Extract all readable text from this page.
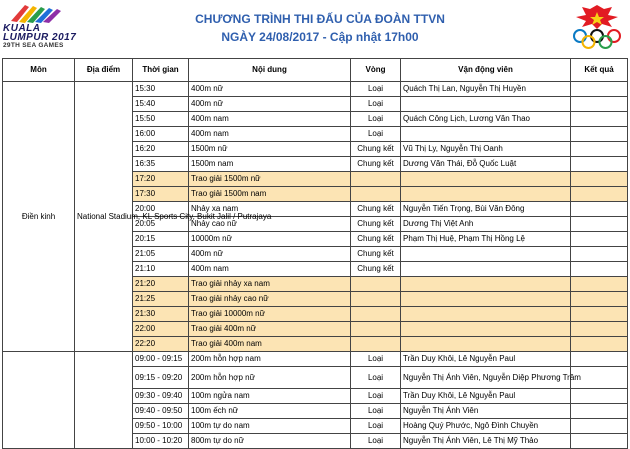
KUALA
LUMPUR 2017
29TH SEA GAMES
CHƯƠNG TRÌNH THI ĐẤU CỦA ĐOÀN TTVN
NGÀY 24/08/2017 - Cập nhật 17h00
Môn	Địa điểm	Thời gian	Nội dung	Vòng	Vận động viên	Kết quả
Điền kinh	National Stadium, KL Sports City, Bukit Jalil / Putrajaya	15:30	400m nữ	Loại	Quách Thị Lan, Nguyễn Thị Huyền	
		15:40	400m nữ	Loại		
		15:50	400m nam	Loại	Quách Công Lịch, Lương Văn Thao	
		16:00	400m nam	Loại		
		16:20	1500m nữ	Chung kết	Vũ Thị Ly, Nguyễn Thị Oanh	
		16:35	1500m nam	Chung kết	Dương Văn Thái, Đỗ Quốc Luật	
		17:20	Trao giải 1500m nữ			
		17:30	Trao giải 1500m nam			
		20:00	Nhảy xa nam	Chung kết	Nguyễn Tiến Trọng, Bùi Văn Đông	
		20:05	Nhảy cao nữ	Chung kết	Dương Thị Việt Anh	
		20:15	10000m nữ	Chung kết	Phạm Thị Huệ, Phạm Thị Hồng Lệ	
		21:05	400m nữ	Chung kết		
		21:10	400m nam	Chung kết		
		21:20	Trao giải nhảy xa nam			
		21:25	Trao giải nhảy cao nữ			
		21:30	Trao giải 10000m nữ			
		22:00	Trao giải 400m nữ			
		22:20	Trao giải 400m nam			
		09:00 - 09:15	200m hỗn hợp nam	Loại	Trần Duy Khôi, Lê Nguyễn Paul	
		09:15 - 09:20	200m hỗn hợp nữ	Loại	Nguyễn Thị Ánh Viên, Nguyễn Diệp Phương Trâm	
		09:30 - 09:40	100m ngửa nam	Loại	Trần Duy Khôi, Lê Nguyễn Paul	
		09:40 - 09:50	100m ếch nữ	Loại	Nguyễn Thị Ánh Viên	
		09:50 - 10:00	100m tự do nam	Loại	Hoàng Quý Phước, Ngô Đình Chuyền	
		10:00 - 10:20	800m tự do nữ	Loại	Nguyễn Thị Ánh Viên, Lê Thị Mỹ Thảo	
